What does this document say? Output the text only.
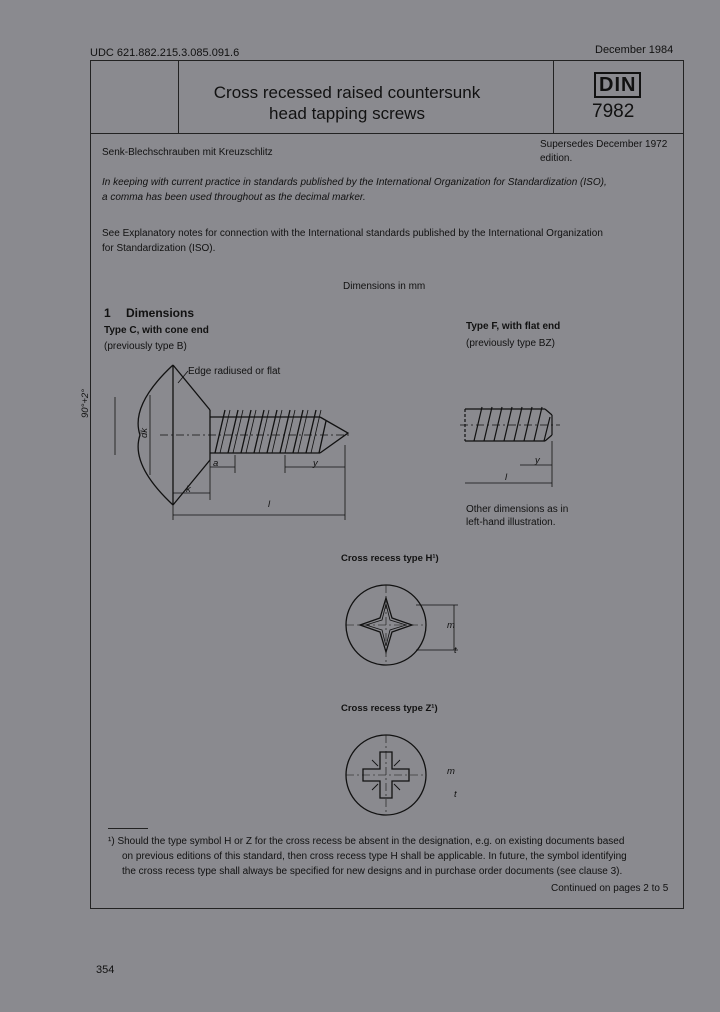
UDC 621.882.215.3.085.091.6	December 1984
Cross recessed raised countersunk
head tapping screws
DIN
7982
Senk-Blechschrauben mit Kreuzschlitz
Supersedes December 1972
edition.
In keeping with current practice in standards published by the International Organization for Standardization (ISO),
a comma has been used throughout as the decimal marker.
See Explanatory notes for connection with the International standards published by the International Organization
for Standardization (ISO).
Dimensions in mm
1 Dimensions
Type C, with cone end
(previously type B)
Edge radiused or flat
Type F, with flat end
(previously type BZ)
Other dimensions as in
left-hand illustration.
90°+2°
dk
k
a	y
l
y
l
Cross recess type H¹)
m
t
Cross recess type Z¹)
m
t
¹) Should the type symbol H or Z for the cross recess be absent in the designation, e.g. on existing documents based
on previous editions of this standard, then cross recess type H shall be applicable. In future, the symbol identifying
the cross recess type shall always be specified for new designs and in purchase order documents (see clause 3).
Continued on pages 2 to 5
354
